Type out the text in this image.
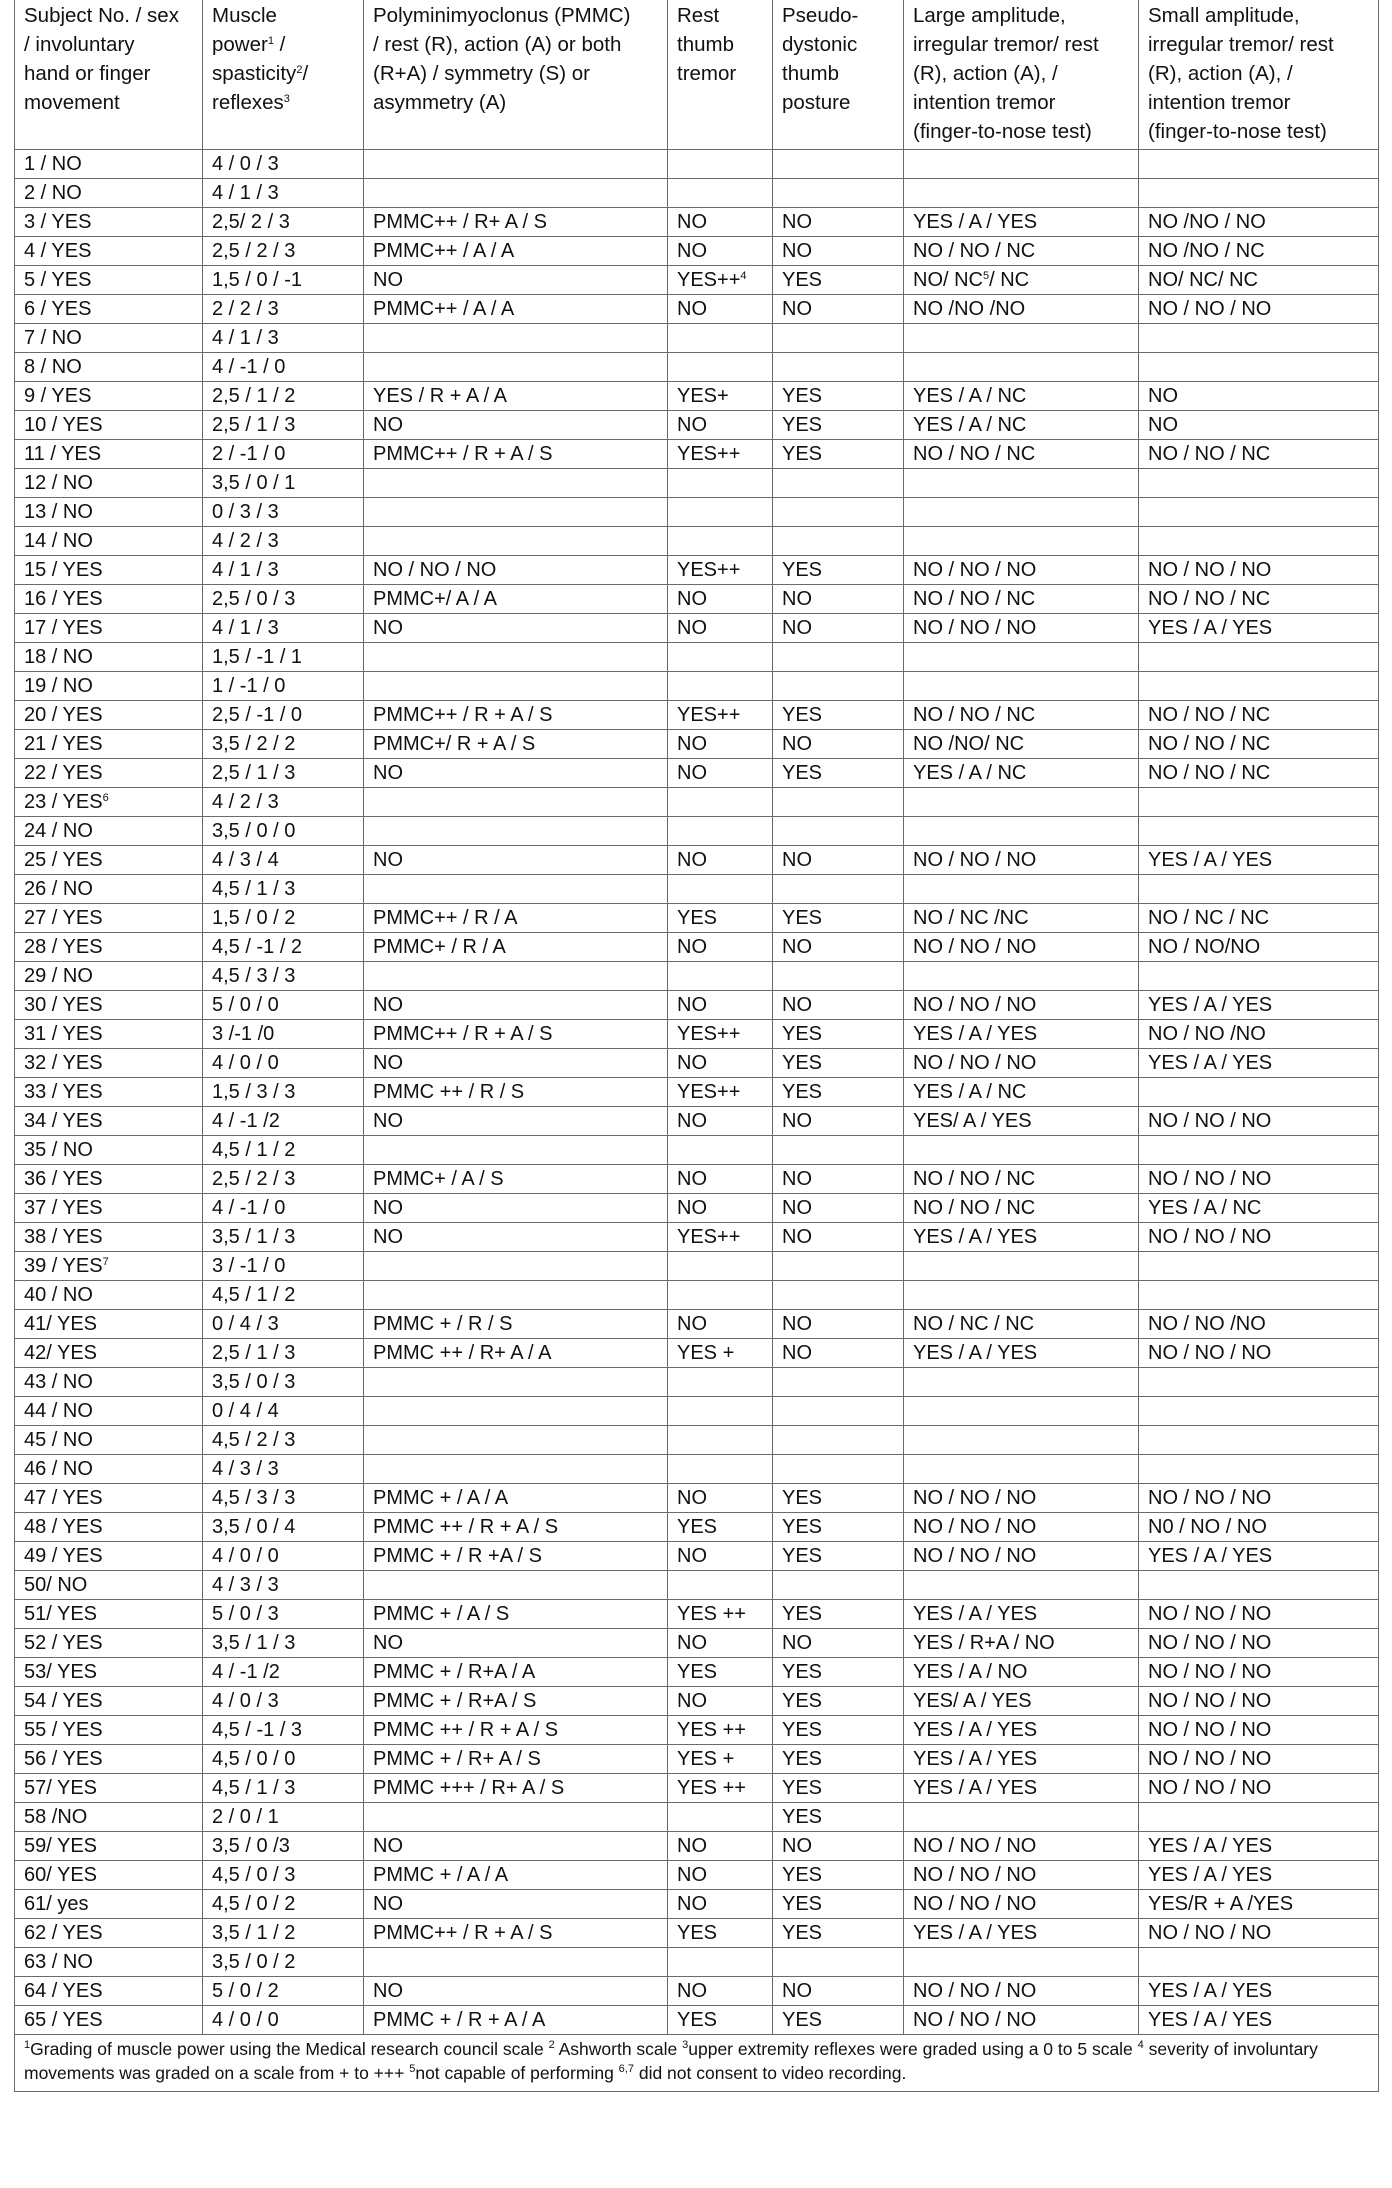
Subject No. / sex
/ involuntary
hand or finger
movement	Muscle
power$^1$ /
spasticity$^2$/
reflexes$^3$	Polyminimyoclonus (PMMC)
/ rest (R), action (A) or both
(R+A) / symmetry (S) or
asymmetry (A)	Rest
thumb
tremor	Pseudo-
dystonic
thumb
posture	Large amplitude,
irregular tremor/ rest
(R), action (A), /
intention tremor
(finger-to-nose test)	Small amplitude,
irregular tremor/ rest
(R), action (A), /
intention tremor
(finger-to-nose test)

1 / NO	4 / 0 / 3					
2 / NO	4 / 1 / 3					
3 / YES	2,5/ 2 / 3	PMMC++ / R+ A / S	NO	NO	YES / A / YES	NO /NO / NO
4 / YES	2,5 / 2 / 3	PMMC++ / A / A	NO	NO	NO / NO / NC	NO /NO / NC
5 / YES	1,5 / 0 / -1	NO	YES++$^4$	YES	NO/ $NC^5/$ NC	NO/ NC/ NC
6 / YES	2 / 2 / 3	PMMC++ / A / A	NO	NO	NO /NO /NO	NO / NO / NO
7 / NO	4 / 1 / 3					
8 / NO	4 / -1 / 0					
9 / YES	2,5 / 1 / 2	YES / R + A / A	YES+	YES	YES / A / NC	NO
10 / YES	2,5 / 1 / 3	NO	NO	YES	YES / A / NC	NO
11 / YES	2 / -1 / 0	PMMC++ / R + A / S	YES++	YES	NO / NO / NC	NO / NO / NC
12 / NO	3,5 / 0 / 1					
13 / NO	0 / 3 / 3					
14 / NO	4 / 2 / 3					
15 / YES	4 / 1 / 3	NO / NO / NO	YES++	YES	NO / NO / NO	NO / NO / NO
16 / YES	2,5 / 0 / 3	PMMC+/ A / A	NO	NO	NO / NO / NC	NO / NO / NC
17 / YES	4 / 1 / 3	NO	NO	NO	NO / NO / NO	YES / A / YES
18 / NO	1,5 / -1 / 1					
19 / NO	1 / -1 / 0					
20 / YES	2,5 / -1 / 0	PMMC++ / R + A / S	YES++	YES	NO / NO / NC	NO / NO / NC
21 / YES	3,5 / 2 / 2	PMMC+/ R + A / S	NO	NO	NO /NO/ NC	NO / NO / NC
22 / YES	2,5 / 1 / 3	NO	NO	YES	YES / A / NC	NO / NO / NC
23 / YES$^6$	4 / 2 / 3					
24 / NO	3,5 / 0 / 0					
25 / YES	4 / 3 / 4	NO	NO	NO	NO / NO / NO	YES / A / YES
26 / NO	4,5 / 1 / 3					
27 / YES	1,5 / 0 / 2	PMMC++ / R / A	YES	YES	NO / NC /NC	NO / NC / NC
28 / YES	4,5 / -1 / 2	PMMC+ / R / A	NO	NO	NO / NO / NO	NO / NO/NO
29 / NO	4,5 / 3 / 3					
30 / YES	5 / 0 / 0	NO	NO	NO	NO / NO / NO	YES / A / YES
31 / YES	3 /-1 /0	PMMC++ / R + A / S	YES++	YES	YES / A / YES	NO / NO /NO
32 / YES	4 / 0 / 0	NO	NO	YES	NO / NO / NO	YES / A / YES
33 / YES	1,5 / 3 / 3	PMMC ++ / R / S	YES++	YES	YES / A / NC	
34 / YES	4 / -1 /2	NO	NO	NO	YES/ A / YES	NO / NO / NO
35 / NO	4,5 / 1 / 2					
36 / YES	2,5 / 2 / 3	PMMC+ / A / S	NO	NO	NO / NO / NC	NO / NO / NO
37 / YES	4 / -1 / 0	NO	NO	NO	NO / NO / NC	YES / A / NC
38 / YES	3,5 / 1 / 3	NO	YES++	NO	YES / A / YES	NO / NO / NO
39 / YES$^7$	3 / -1 / 0					
40 / NO	4,5 / 1 / 2					
41/ YES	0 / 4 / 3	PMMC + / R / S	NO	NO	NO / NC / NC	NO / NO /NO
42/ YES	2,5 / 1 / 3	PMMC ++ / R+ A / A	YES +	NO	YES / A / YES	NO / NO / NO
43 / NO	3,5 / 0 / 3					
44 / NO	0 / 4 / 4					
45 / NO	4,5 / 2 / 3					
46 / NO	4 / 3 / 3					
47 / YES	4,5 / 3 / 3	PMMC + / A / A	NO	YES	NO / NO / NO	NO / NO / NO
48 / YES	3,5 / 0 / 4	PMMC ++ / R + A / S	YES	YES	NO / NO / NO	N0 / NO / NO
49 / YES	4 / 0 / 0	PMMC + / R +A / S	NO	YES	NO / NO / NO	YES / A / YES
50/ NO	4 / 3 / 3					
51/ YES	5 / 0 / 3	PMMC + / A / S	YES ++	YES	YES / A / YES	NO / NO / NO
52 / YES	3,5 / 1 / 3	NO	NO	NO	YES / R+A / NO	NO / NO / NO
53/ YES	4 / -1 /2	PMMC + / R+A / A	YES	YES	YES / A / NO	NO / NO / NO
54 / YES	4 / 0 / 3	PMMC + / R+A / S	NO	YES	YES/ A / YES	NO / NO / NO
55 / YES	4,5 / -1 / 3	PMMC ++ / R + A / S	YES ++	YES	YES / A / YES	NO / NO / NO
56 / YES	4,5 / 0 / 0	PMMC + / R+ A / S	YES +	YES	YES / A / YES	NO / NO / NO
57/ YES	4,5 / 1 / 3	PMMC +++ / R+ A / S	YES ++	YES	YES / A / YES	NO / NO / NO
58 /NO	2 / 0 / 1			YES		
59/ YES	3,5 / 0 /3	NO	NO	NO	NO / NO / NO	YES / A / YES
60/ YES	4,5 / 0 / 3	PMMC + / A / A	NO	YES	NO / NO / NO	YES / A / YES
61/ yes	4,5 / 0 / 2	NO	NO	YES	NO / NO / NO	YES/R + A /YES
62 / YES	3,5 / 1 / 2	PMMC++ / R + A / S	YES	YES	YES / A / YES	NO / NO / NO
63 / NO	3,5 / 0 / 2					
64 / YES	5 / 0 / 2	NO	NO	NO	NO / NO / NO	YES / A / YES
65 / YES	4 / 0 / 0	PMMC + / R + A / A	YES	YES	NO / NO / NO	YES / A / YES
$^1$Grading of muscle power using the Medical research council scale $^2$ Ashworth scale $^3$upper extremity reflexes were graded using a 0 to 5 scale $^4$ severity of involuntary movements was graded on a scale from + to +++ $^5$not capable of performing $^{6,7}$ did not consent to video recording.						
